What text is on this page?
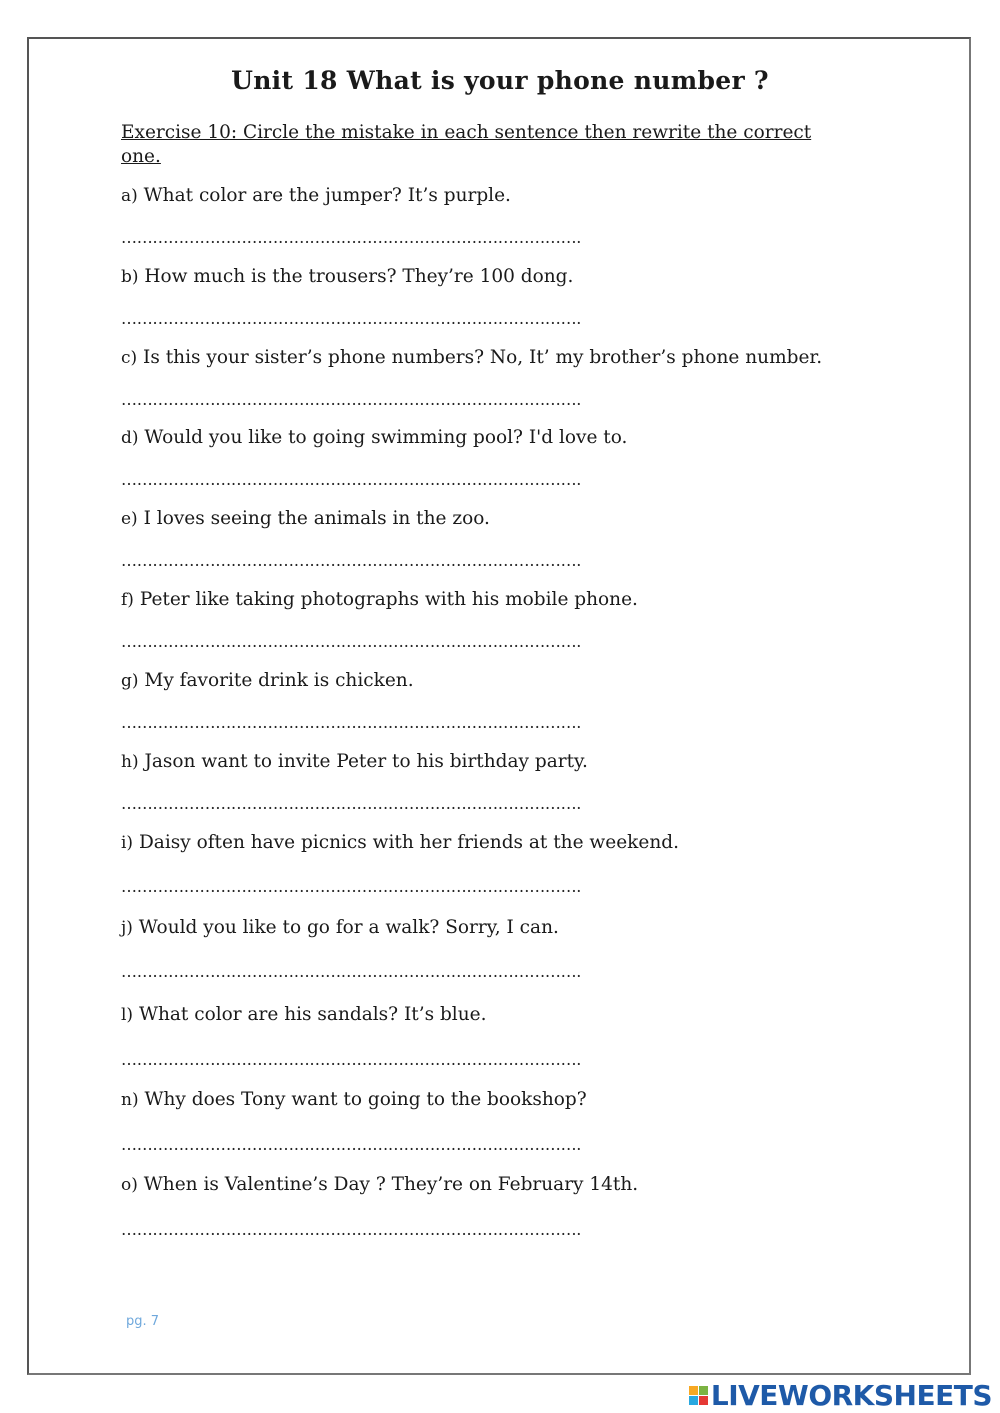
Unit 18 What is your phone number ?
Exercise 10: Circle the mistake in each sentence then rewrite the correct one.
a) What color are the jumper? It’s purple.
…………………………………………………………………………….
b) How much is the trousers? They’re 100 dong.
…………………………………………………………………………….
c) Is this your sister’s phone numbers? No, It’ my brother’s phone number.
…………………………………………………………………………….
d) Would you like to going swimming pool? I'd love to.
…………………………………………………………………………….
e) I loves seeing the animals in the zoo.
…………………………………………………………………………….
f) Peter like taking photographs with his mobile phone.
…………………………………………………………………………….
g) My favorite drink is chicken.
…………………………………………………………………………….
h) Jason want to invite Peter to his birthday party.
…………………………………………………………………………….
i) Daisy often have picnics with her friends at the weekend.
…………………………………………………………………………….
j) Would you like to go for a walk? Sorry, I can.
…………………………………………………………………………….
l) What color are his sandals? It’s blue.
…………………………………………………………………………….
n) Why does Tony want to going to the bookshop?
…………………………………………………………………………….
o) When is Valentine’s Day ? They’re on February 14th.
…………………………………………………………………………….
pg. 7
LIVEWORKSHEETS
